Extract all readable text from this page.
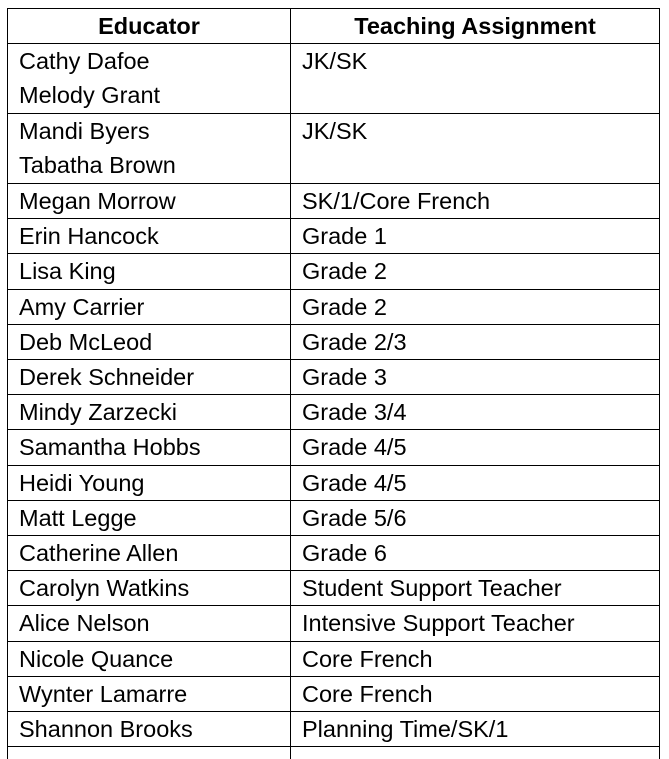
Educator	Teaching Assignment

Cathy Dafoe
Melody Grant	JK/SK

Mandi Byers
Tabatha Brown	JK/SK

Megan Morrow	SK/1/Core French

Erin Hancock	Grade 1

Lisa King	Grade 2

Amy Carrier	Grade 2

Deb McLeod	Grade 2/3

Derek Schneider	Grade 3

Mindy Zarzecki	Grade 3/4

Samantha Hobbs	Grade 4/5

Heidi Young	Grade 4/5

Matt Legge	Grade 5/6

Catherine Allen	Grade 6

Carolyn Watkins	Student Support Teacher

Alice Nelson	Intensive Support Teacher

Nicole Quance	Core French

Wynter Lamarre	Core French

Shannon Brooks	Planning Time/SK/1
